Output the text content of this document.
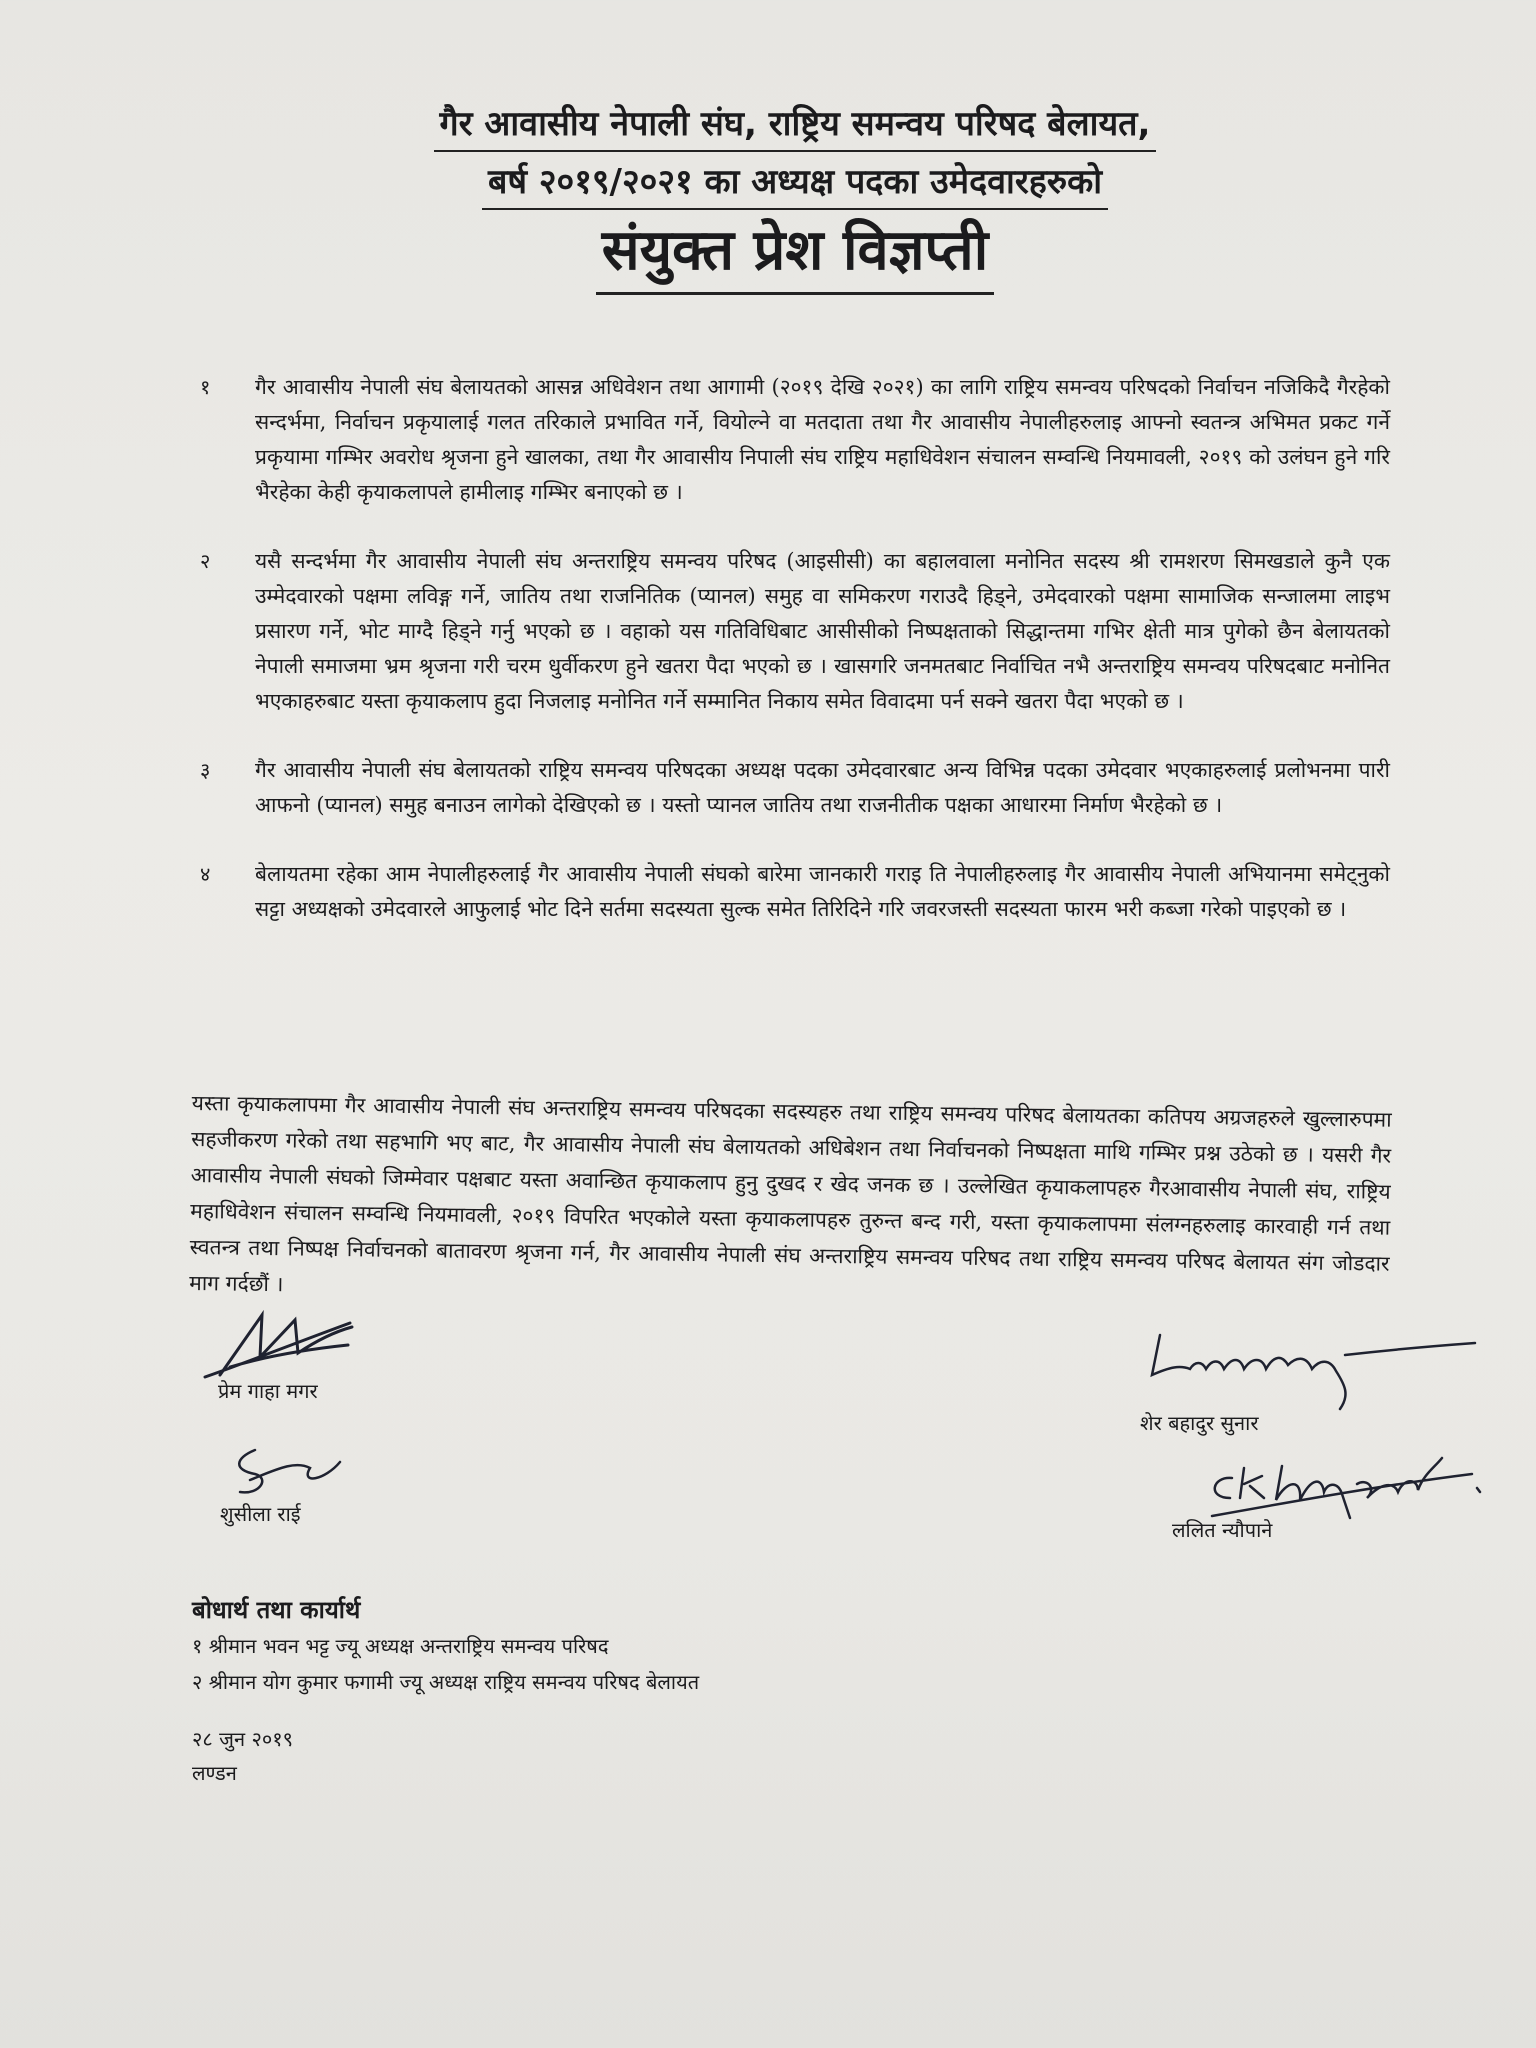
गैर आवासीय नेपाली संघ, राष्ट्रिय समन्वय परिषद बेलायत,
बर्ष २०१९/२०२१ का अध्यक्ष पदका उमेदवारहरुको
संयुक्त प्रेश विज्ञप्ती
१	गैर आवासीय नेपाली संघ बेलायतको आसन्न अधिवेशन तथा आगामी (२०१९ देखि २०२१) का लागि राष्ट्रिय समन्वय परिषदको निर्वाचन नजिकिदै गैरहेको सन्दर्भमा, निर्वाचन प्रकृयालाई गलत तरिकाले प्रभावित गर्ने, वियोल्ने वा मतदाता तथा गैर आवासीय नेपालीहरुलाइ आफ्नो स्वतन्त्र अभिमत प्रकट गर्ने प्रकृयामा गम्भिर अवरोध श्रृजना हुने खालका, तथा गैर आवासीय निपाली संघ राष्ट्रिय महाधिवेशन संचालन सम्वन्धि नियमावली, २०१९ को उलंघन हुने गरि भैरहेका केही कृयाकलापले हामीलाइ गम्भिर बनाएको छ ।
२	यसै सन्दर्भमा गैर आवासीय नेपाली संघ अन्तराष्ट्रिय समन्वय परिषद (आइसीसी) का बहालवाला मनोनित सदस्य श्री रामशरण सिमखडाले कुनै एक उम्मेदवारको पक्षमा लविङ्ग गर्ने, जातिय तथा राजनितिक (प्यानल) समुह वा समिकरण गराउदै हिड्ने, उमेदवारको पक्षमा सामाजिक सन्जालमा लाइभ प्रसारण गर्ने, भोट माग्दै हिड्ने गर्नु भएको छ । वहाको यस गतिविधिबाट आसीसीको निष्पक्षताको सिद्धान्तमा गभिर क्षेती मात्र पुगेको छैन बेलायतको नेपाली समाजमा भ्रम श्रृजना गरी चरम धुर्वीकरण हुने खतरा पैदा भएको छ । खासगरि जनमतबाट निर्वाचित नभै अन्तराष्ट्रिय समन्वय परिषदबाट मनोनित भएकाहरुबाट यस्ता कृयाकलाप हुदा निजलाइ मनोनित गर्ने सम्मानित निकाय समेत विवादमा पर्न सक्ने खतरा पैदा भएको छ ।
३	गैर आवासीय नेपाली संघ बेलायतको राष्ट्रिय समन्वय परिषदका अध्यक्ष पदका उमेदवारबाट अन्य विभिन्न पदका उमेदवार भएकाहरुलाई प्रलोभनमा पारी आफनो (प्यानल) समुह बनाउन लागेको देखिएको छ । यस्तो प्यानल जातिय तथा राजनीतीक पक्षका आधारमा निर्माण भैरहेको छ ।
४	बेलायतमा रहेका आम नेपालीहरुलाई गैर आवासीय नेपाली संघको बारेमा जानकारी गराइ ति नेपालीहरुलाइ गैर आवासीय नेपाली अभियानमा समेट्नुको सट्टा अध्यक्षको उमेदवारले आफुलाई भोट दिने सर्तमा सदस्यता सुल्क समेत तिरिदिने गरि जवरजस्ती सदस्यता फारम भरी कब्जा गरेको पाइएको छ ।
यस्ता कृयाकलापमा गैर आवासीय नेपाली संघ अन्तराष्ट्रिय समन्वय परिषदका सदस्यहरु तथा राष्ट्रिय समन्वय परिषद बेलायतका कतिपय अग्रजहरुले खुल्लारुपमा सहजीकरण गरेको तथा सहभागि भए बाट, गैर आवासीय नेपाली संघ बेलायतको अधिबेशन तथा निर्वाचनको निष्पक्षता माथि गम्भिर प्रश्न उठेको छ । यसरी गैर आवासीय नेपाली संघको जिम्मेवार पक्षबाट यस्ता अवान्छित कृयाकलाप हुनु दुखद र खेद जनक छ । उल्लेखित कृयाकलापहरु गैरआवासीय नेपाली संघ, राष्ट्रिय महाधिवेशन संचालन सम्वन्धि नियमावली, २०१९ विपरित भएकोले यस्ता कृयाकलापहरु तुरुन्त बन्द गरी, यस्ता कृयाकलापमा संलग्नहरुलाइ कारवाही गर्न तथा स्वतन्त्र तथा निष्पक्ष निर्वाचनको बातावरण श्रृजना गर्न, गैर आवासीय नेपाली संघ अन्तराष्ट्रिय समन्वय परिषद तथा राष्ट्रिय समन्वय परिषद बेलायत संग जोडदार माग गर्दछौं ।
प्रेम गाहा मगर
शुसीला राई
शेर बहादुर सुनार
ललित न्यौपाने
बोधार्थ तथा कार्यार्थ
१ श्रीमान भवन भट्ट ज्यू अध्यक्ष अन्तराष्ट्रिय समन्वय परिषद
२ श्रीमान योग कुमार फगामी ज्यू अध्यक्ष राष्ट्रिय समन्वय परिषद बेलायत
२८ जुन २०१९
लण्डन
